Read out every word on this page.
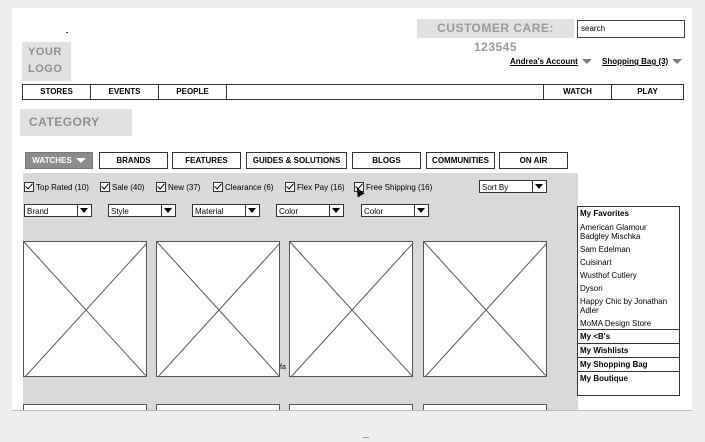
CUSTOMER CARE: 123545
search
YOUR
LOGO
Andrea's Account	Shopping Bag (3)
STORES	EVENTS	PEOPLE	WATCH	PLAY
CATEGORY
WATCHES	BRANDS	FEATURES	GUIDES & SOLUTIONS	BLOGS	COMMUNITIES	ON AIR
Top Rated (10)	Sale (40)	New (37)	Clearance (6)	Flex Pay (16)	Free Shipping (16)	Sort By
Brand	Style	Material	Color	Color
fa
My Favorites
American Glamour Badgley Mischka
Sam Edelman
Cuisinart
Wusthof Cutlery
Dyson
Happy Chic by Jonathan Adler
MoMA Design Store
My <B's
My Wishlists
My Shopping Bag
My Boutique
